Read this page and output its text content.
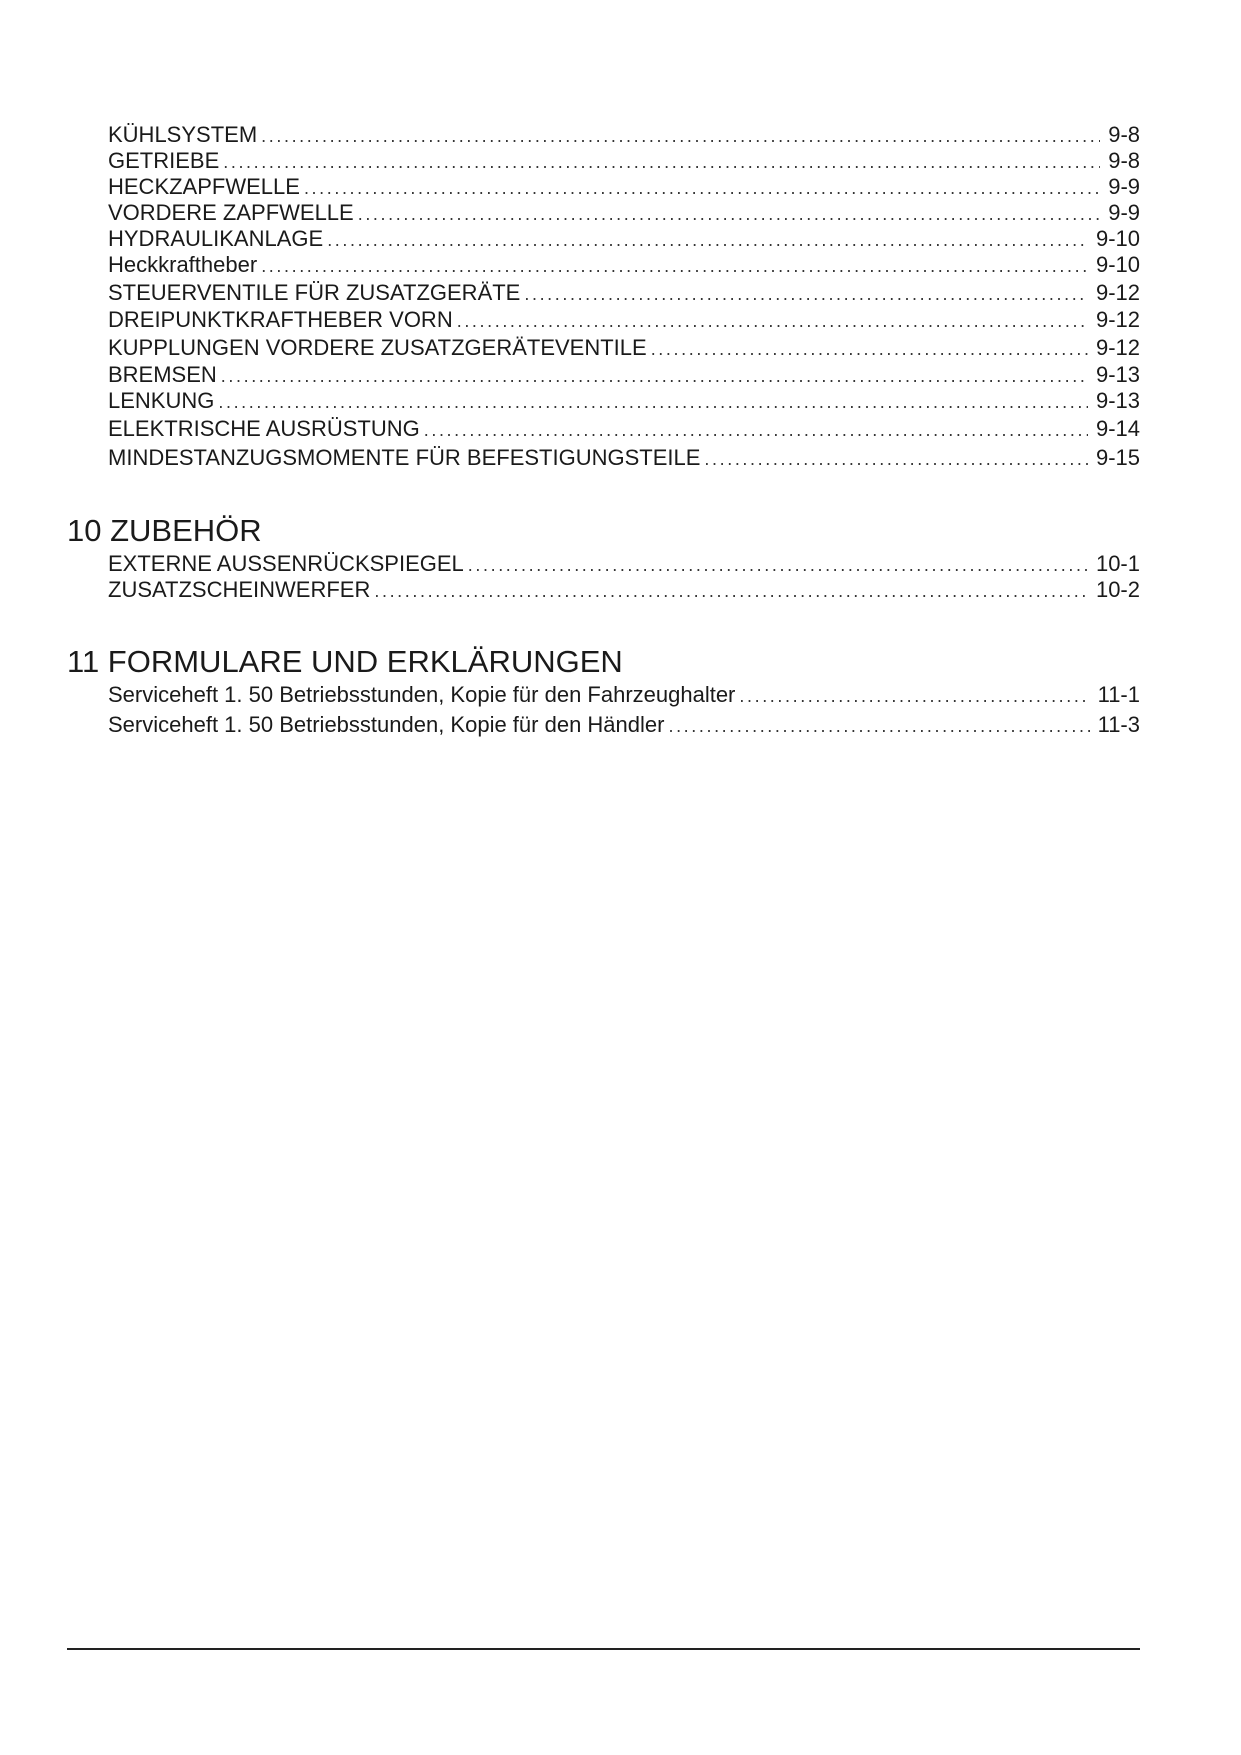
KÜHLSYSTEM . . .	9-8
GETRIEBE . . .	9-8
HECKZAPFWELLE . . .	9-9
VORDERE ZAPFWELLE . . .	9-9
HYDRAULIKANLAGE . . .	9-10
Heckkraftheber . . .	9-10
STEUERVENTILE FÜR ZUSATZGERÄTE . . .	9-12
DREIPUNKTKRAFTHEBER VORN . . .	9-12
KUPPLUNGEN VORDERE ZUSATZGERÄTEVENTILE . . .	9-12
BREMSEN . . .	9-13
LENKUNG . . .	9-13
ELEKTRISCHE AUSRÜSTUNG . . .	9-14
MINDESTANZUGSMOMENTE FÜR BEFESTIGUNGSTEILE . . .	9-15
10 ZUBEHÖR
EXTERNE AUSSENRÜCKSPIEGEL . . .	10-1
ZUSATZSCHEINWERFER . . .	10-2
11 FORMULARE UND ERKLÄRUNGEN
Serviceheft 1. 50 Betriebsstunden, Kopie für den Fahrzeughalter . . .	11-1
Serviceheft 1. 50 Betriebsstunden, Kopie für den Händler . . .	11-3
